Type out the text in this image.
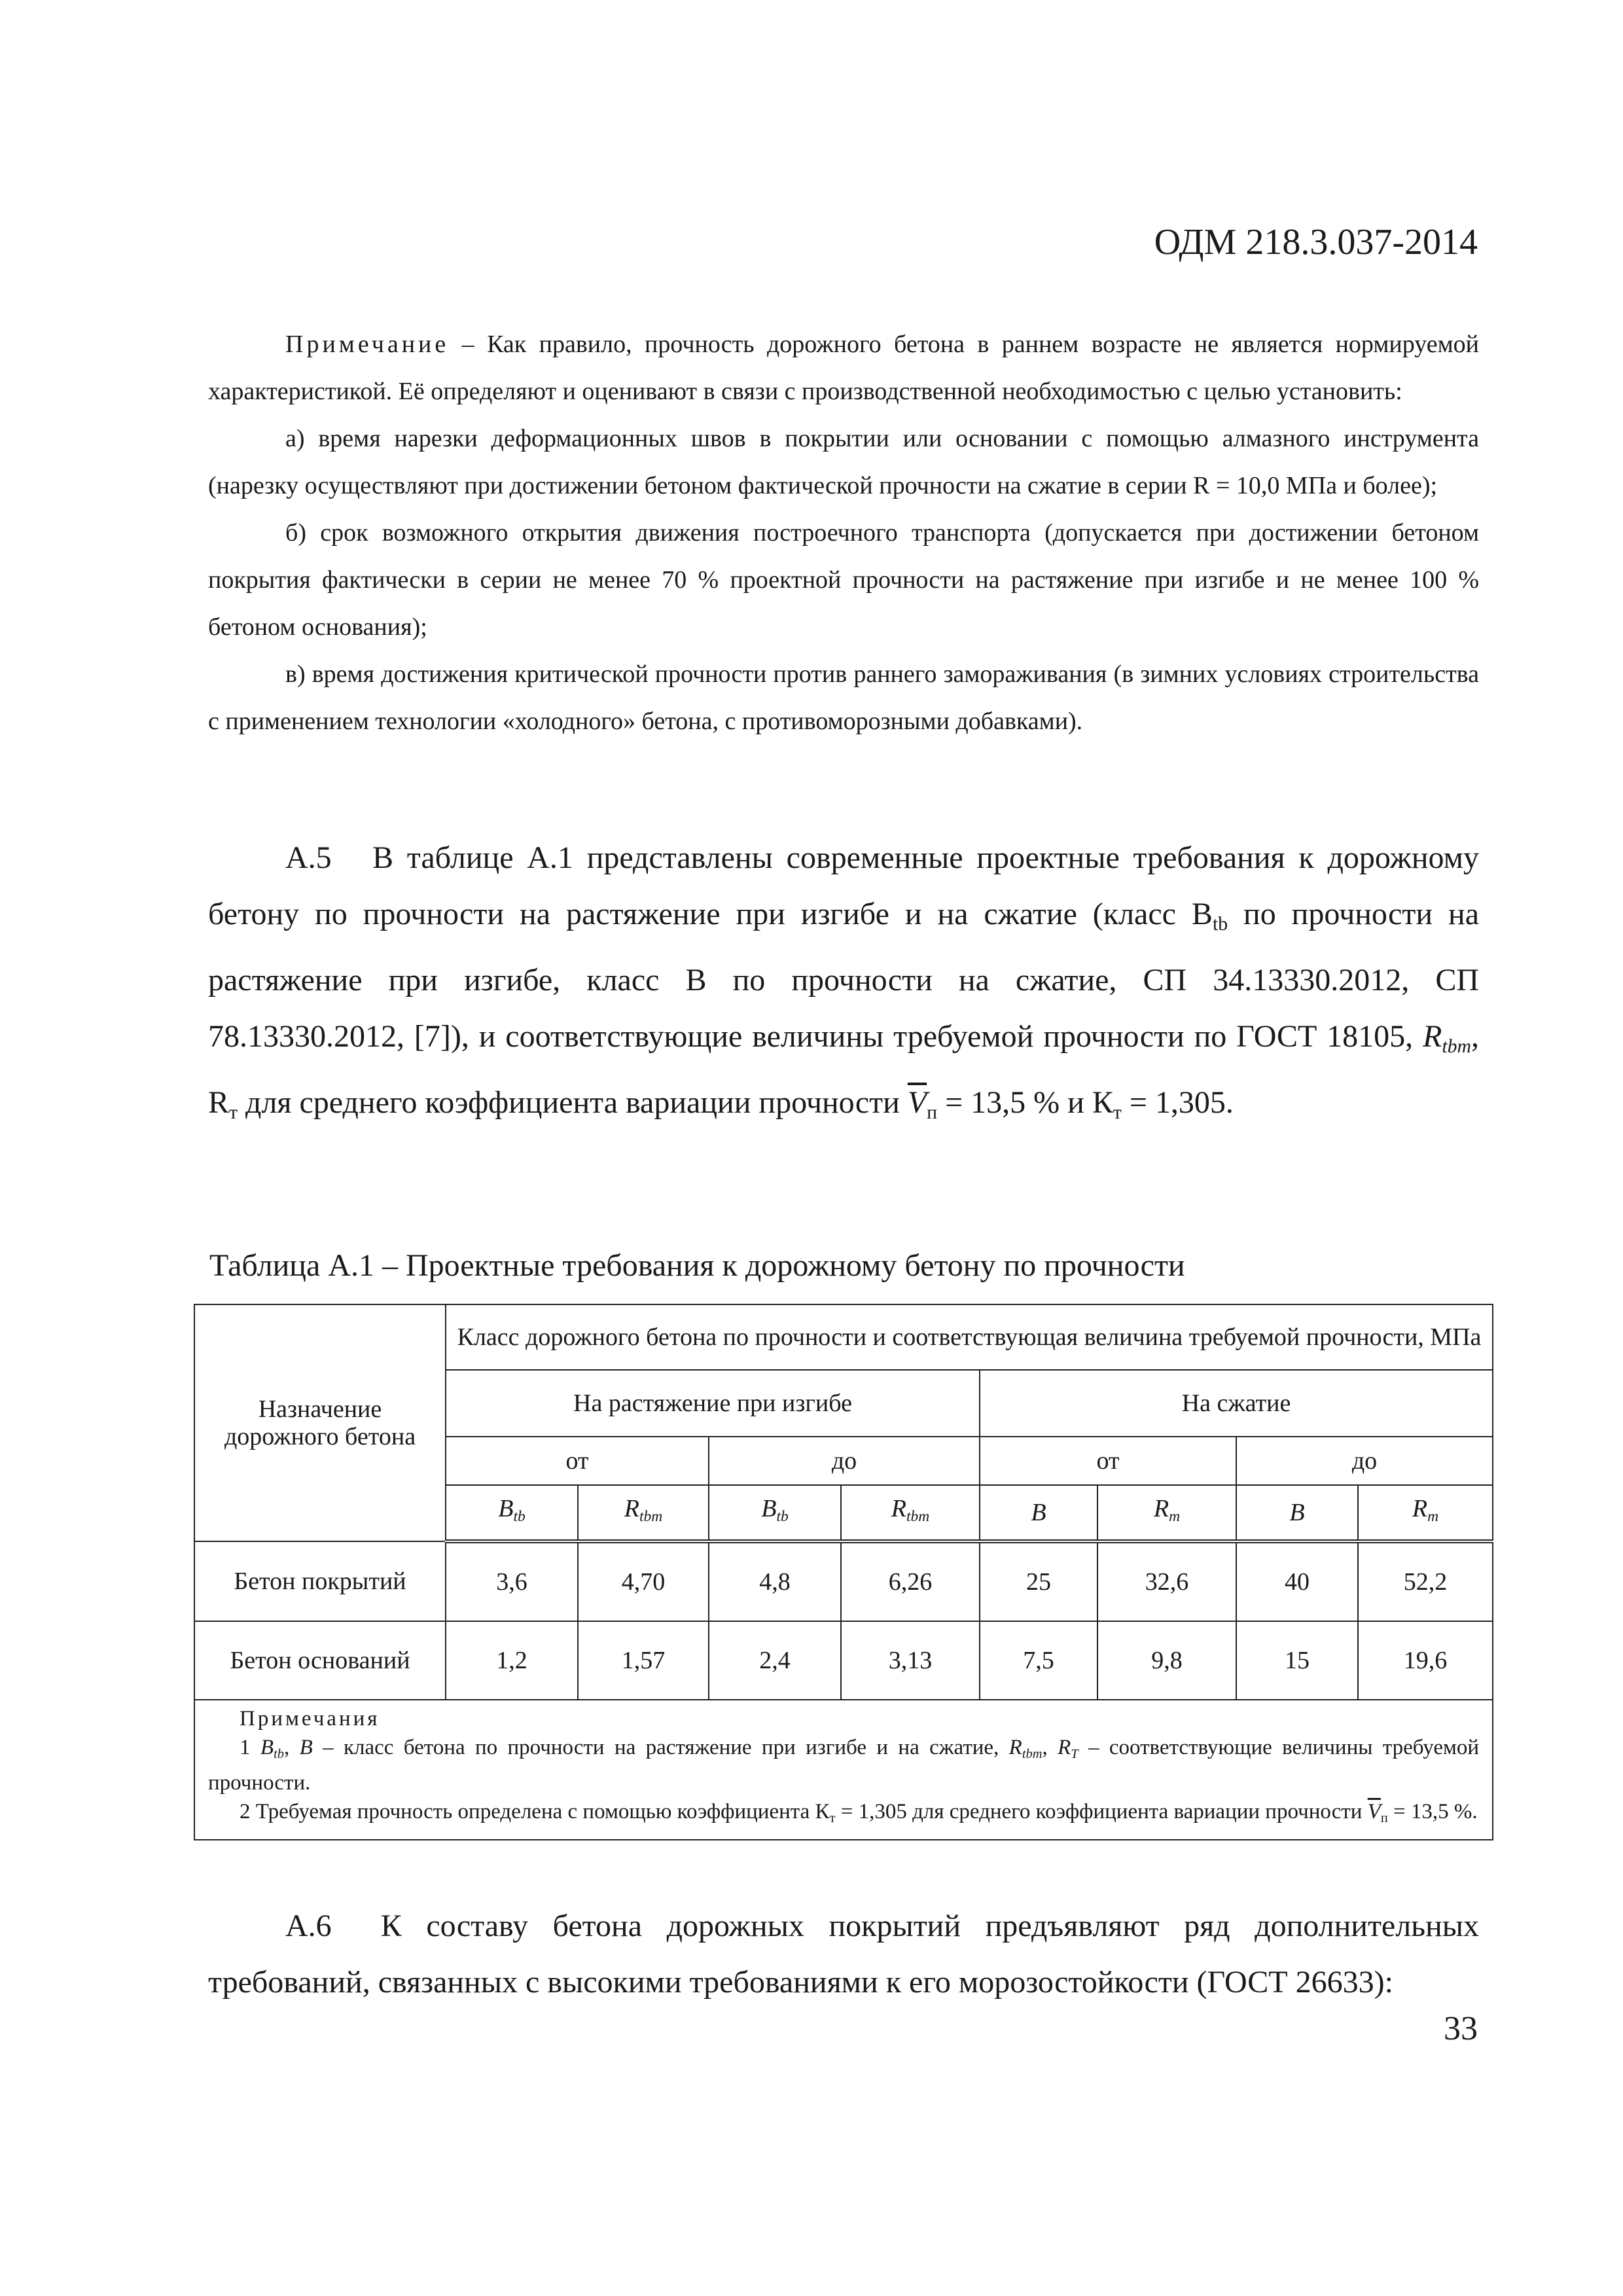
ОДМ 218.3.037-2014

Примечание – Как правило, прочность дорожного бетона в раннем возрасте не является нормируемой характеристикой. Её определяют и оценивают в связи с производственной необходимостью с целью установить:

а) время нарезки деформационных швов в покрытии или основании с помощью алмазного инструмента (нарезку осуществляют при достижении бетоном фактической прочности на сжатие в серии R = 10,0 МПа и более);

б) срок возможного открытия движения построечного транспорта (допускается при достижении бетоном покрытия фактически в серии не менее 70 % проектной прочности на растяжение при изгибе и не менее 100 % бетоном основания);

в) время достижения критической прочности против раннего замораживания (в зимних условиях строительства с применением технологии «холодного» бетона, с противоморозными добавками).

А.5 В таблице А.1 представлены современные проектные требования к дорожному бетону по прочности на растяжение при изгибе и на сжатие (класс $B_{tb}$ по прочности на растяжение при изгибе, класс B по прочности на сжатие, СП 34.13330.2012, СП 78.13330.2012, [7]), и соответствующие величины требуемой прочности по ГОСТ 18105, $R_{tbт}$, $R_т$ для среднего коэффициента вариации прочности $\overline{V}_п = 13,5$ % и $К_т = 1,305$.

Таблица А.1 – Проектные требования к дорожному бетону по прочности
Назначение дорожного бетона	Класс дорожного бетона по прочности и соответствующая величина требуемой прочности, МПа							
	На растяжение при изгибе				На сжатие			
	от		до		от		до	
	$B_{tb}$	$R_{tbт}$	$B_{tb}$	$R_{tbт}$	B	$R_m$	B	$R_m$
Бетон покрытий	3,6	4,70	4,8	6,26	25	32,6	40	52,2
Бетон оснований	1,2	1,57	2,4	3,13	7,5	9,8	15	19,6

Примечания

1 $B_{tb}$, B – класс бетона по прочности на растяжение при изгибе и на сжатие, $R_{tbт}$, $R_T$ – соответствующие величины требуемой прочности.

2 Требуемая прочность определена с помощью коэффициента $К_т = 1,305$ для среднего коэффициента вариации прочности $\overline{V}_п = 13,5$ %.								

А.6 К составу бетона дорожных покрытий предъявляют ряд дополнительных требований, связанных с высокими требованиями к его морозостойкости (ГОСТ 26633):

33
